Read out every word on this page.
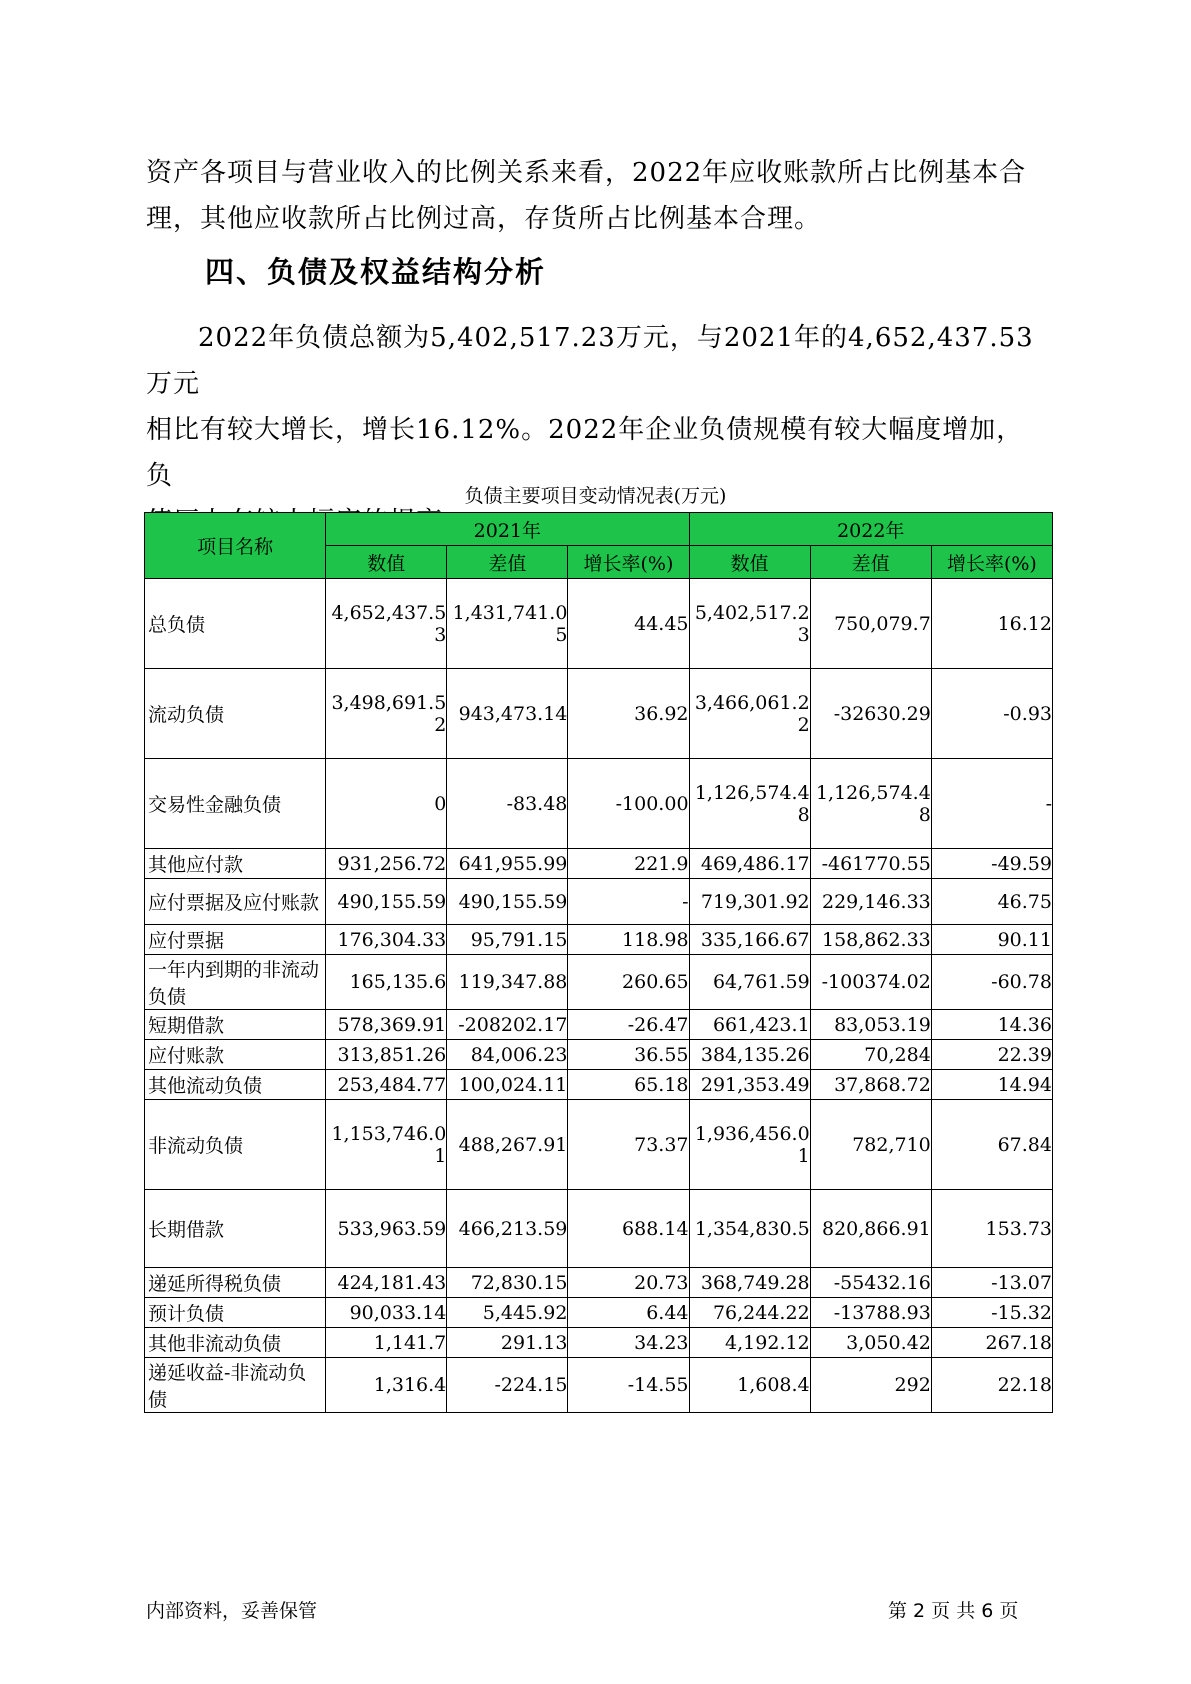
资产各项目与营业收入的比例关系来看，2022年应收账款所占比例基本合

理，其他应收款所占比例过高，存货所占比例基本合理。

四、负债及权益结构分析

2022年负债总额为5,402,517.23万元，与2021年的4,652,437.53万元

相比有较大增长，增长16.12%。2022年企业负债规模有较大幅度增加，负

负债主要项目变动情况表(万元)
项目名称	2021年			2022年		
	数值	差值	增长率(%)	数值	差值	增长率(%)
总负债	4,652,437.53	1,431,741.05	44.45	5,402,517.23	750,079.7	16.12
流动负债	3,498,691.52	943,473.14	36.92	3,466,061.22	-32630.29	-0.93
交易性金融负债	0	-83.48	-100.00	1,126,574.48	1,126,574.48	-
其他应付款	931,256.72	641,955.99	221.9	469,486.17	-461770.55	-49.59
应付票据及应付账款	490,155.59	490,155.59	-	719,301.92	229,146.33	46.75
应付票据	176,304.33	95,791.15	118.98	335,166.67	158,862.33	90.11
一年内到期的非流动负债	165,135.6	119,347.88	260.65	64,761.59	-100374.02	-60.78
短期借款	578,369.91	-208202.17	-26.47	661,423.1	83,053.19	14.36
应付账款	313,851.26	84,006.23	36.55	384,135.26	70,284	22.39
其他流动负债	253,484.77	100,024.11	65.18	291,353.49	37,868.72	14.94
非流动负债	1,153,746.01	488,267.91	73.37	1,936,456.01	782,710	67.84
长期借款	533,963.59	466,213.59	688.14	1,354,830.5	820,866.91	153.73
递延所得税负债	424,181.43	72,830.15	20.73	368,749.28	-55432.16	-13.07
预计负债	90,033.14	5,445.92	6.44	76,244.22	-13788.93	-15.32
其他非流动负债	1,141.7	291.13	34.23	4,192.12	3,050.42	267.18
递延收益-非流动负债	1,316.4	-224.15	-14.55	1,608.4	292	22.18
内部资料，妥善保管	第 2 页 共 6 页
